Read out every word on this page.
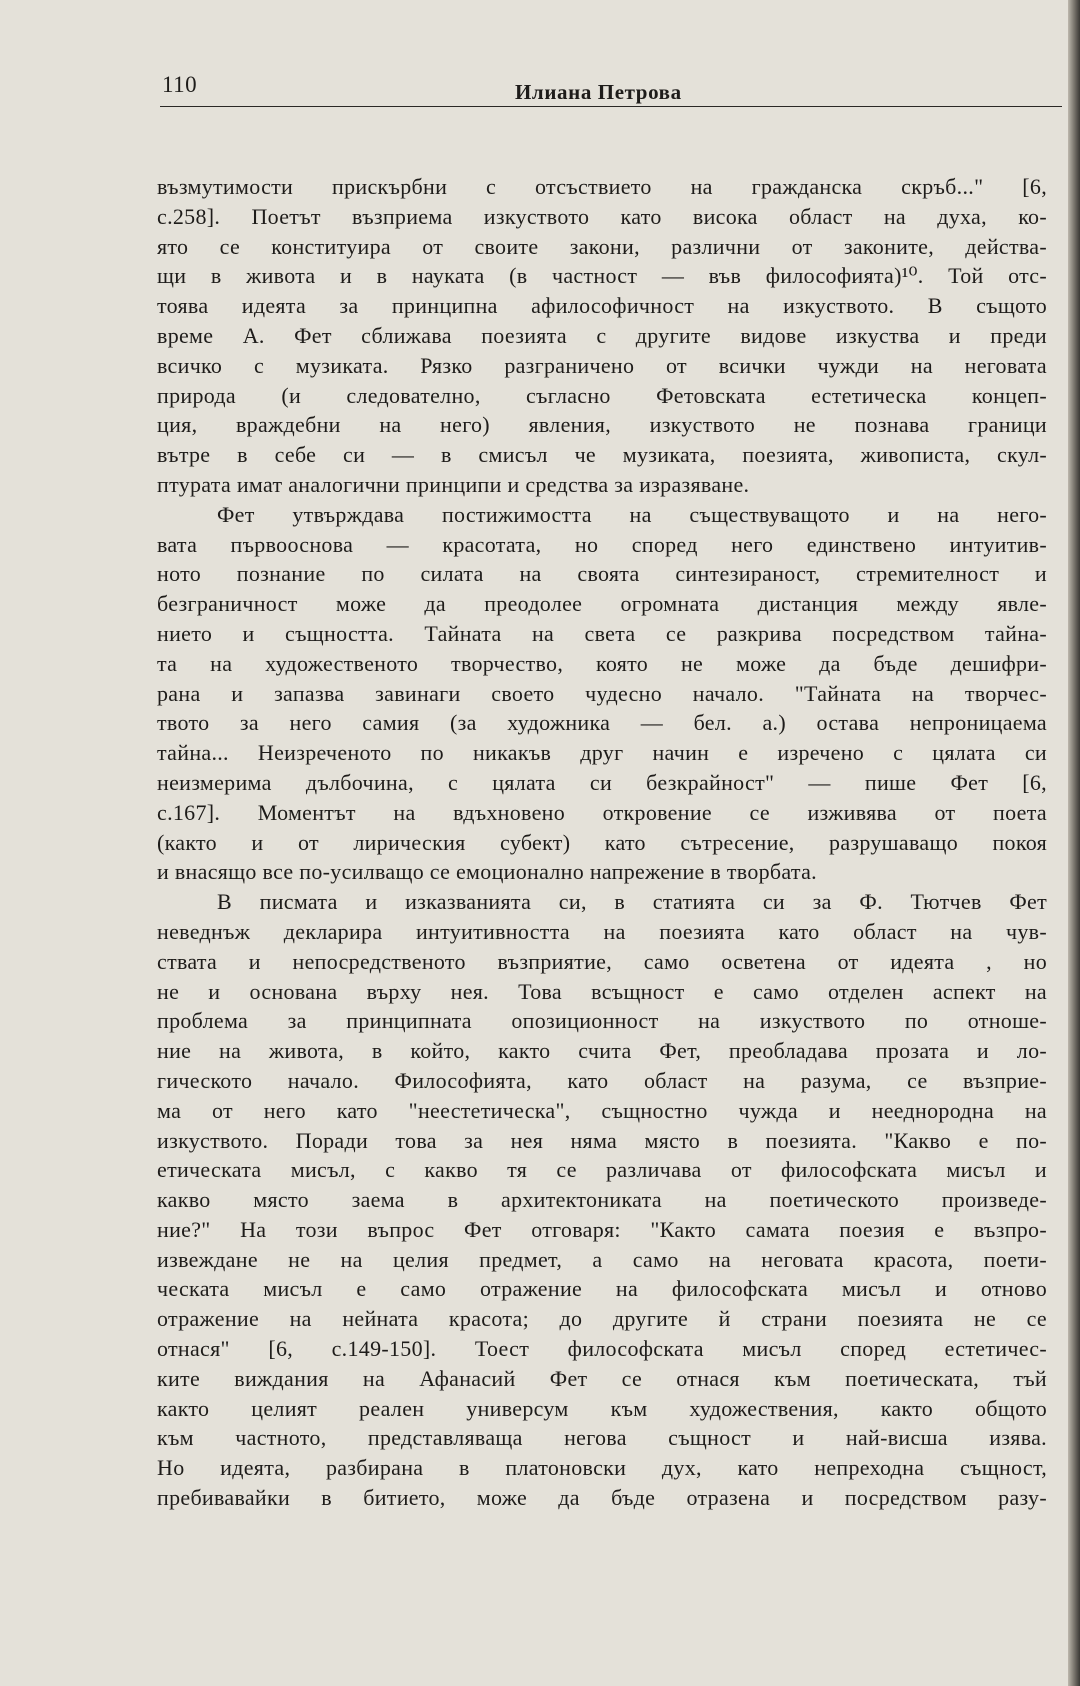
110	Илиана Петрова
възмутимости прискърбни с отсъствието на гражданска скръб..." [6,
с.258]. Поетът възприема изкуството като висока област на духа, ко-
ято се конституира от своите закони, различни от законите, действа-
щи в живота и в науката (в частност — във философията)¹⁰. Той отс-
тоява идеята за принципна афилософичност на изкуството. В същото
време А. Фет сближава поезията с другите видове изкуства и преди
всичко с музиката. Рязко разграничено от всички чужди на неговата
природа (и следователно, съгласно Фетовската естетическа концеп-
ция, враждебни на него) явления, изкуството не познава граници
вътре в себе си — в смисъл че музиката, поезията, живописта, скул-
птурата имат аналогични принципи и средства за изразяване.
Фет утвърждава постижимостта на съществуващото и на него-
вата първооснова — красотата, но според него единствено интуитив-
ното познание по силата на своята синтезираност, стремителност и
безграничност може да преодолее огромната дистанция между явле-
нието и същността. Тайната на света се разкрива посредством тайна-
та на художественото творчество, която не може да бъде дешифри-
рана и запазва завинаги своето чудесно начало. "Тайната на творчес-
твото за него самия (за художника — бел. а.) остава непроницаема
тайна... Неизреченото по никакъв друг начин е изречено с цялата си
неизмерима дълбочина, с цялата си безкрайност" — пише Фет [6,
с.167]. Моментът на вдъхновено откровение се изживява от поета
(както и от лирическия субект) като сътресение, разрушаващо покоя
и внасящо все по-усилващо се емоционално напрежение в творбата.
В писмата и изказванията си, в статията си за Ф. Тютчев Фет
неведнъж декларира интуитивността на поезията като област на чув-
ствата и непосредственото възприятие, само осветена от идеята , но
не и основана върху нея. Това всъщност е само отделен аспект на
проблема за принципната опозиционност на изкуството по отноше-
ние на живота, в който, както счита Фет, преобладава прозата и ло-
гическото начало. Философията, като област на разума, се възприе-
ма от него като "неестетическа", същностно чужда и нееднородна на
изкуството. Поради това за нея няма място в поезията. "Какво е по-
етическата мисъл, с какво тя се различава от философската мисъл и
какво място заема в архитектониката на поетическото произведе-
ние?" На този въпрос Фет отговаря: "Както самата поезия е възпро-
извеждане не на целия предмет, а само на неговата красота, поети-
ческата мисъл е само отражение на философската мисъл и отново
отражение на нейната красота; до другите й страни поезията не се
отнася" [6, с.149-150]. Тоест философската мисъл според естетичес-
ките виждания на Афанасий Фет се отнася към поетическата, тъй
както целият реален универсум към художествения, както общото
към частното, представляваща негова същност и най-висша изява.
Но идеята, разбирана в платоновски дух, като непреходна същност,
пребивавайки в битието, може да бъде отразена и посредством разу-
